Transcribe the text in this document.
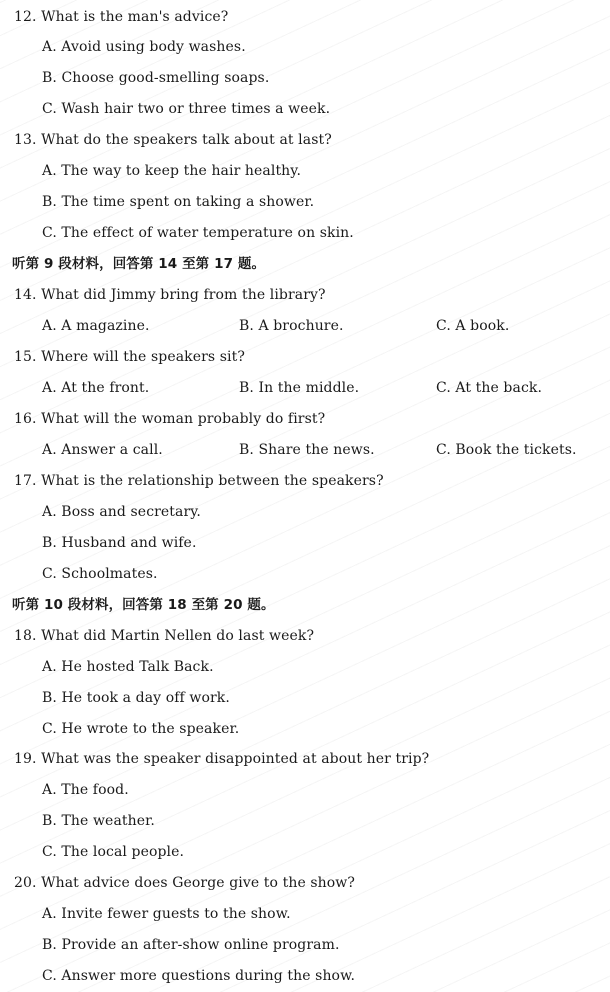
12. What is the man's advice?
A. Avoid using body washes.
B. Choose good-smelling soaps.
C. Wash hair two or three times a week.
13. What do the speakers talk about at last?
A. The way to keep the hair healthy.
B. The time spent on taking a shower.
C. The effect of water temperature on skin.
听第 9 段材料，回答第 14 至第 17 题。
14. What did Jimmy bring from the library?
A. A magazine.	B. A brochure.	C. A book.
15. Where will the speakers sit?
A. At the front.	B. In the middle.	C. At the back.
16. What will the woman probably do first?
A. Answer a call.	B. Share the news.	C. Book the tickets.
17. What is the relationship between the speakers?
A. Boss and secretary.
B. Husband and wife.
C. Schoolmates.
听第 10 段材料，回答第 18 至第 20 题。
18. What did Martin Nellen do last week?
A. He hosted Talk Back.
B. He took a day off work.
C. He wrote to the speaker.
19. What was the speaker disappointed at about her trip?
A. The food.
B. The weather.
C. The local people.
20. What advice does George give to the show?
A. Invite fewer guests to the show.
B. Provide an after-show online program.
C. Answer more questions during the show.
